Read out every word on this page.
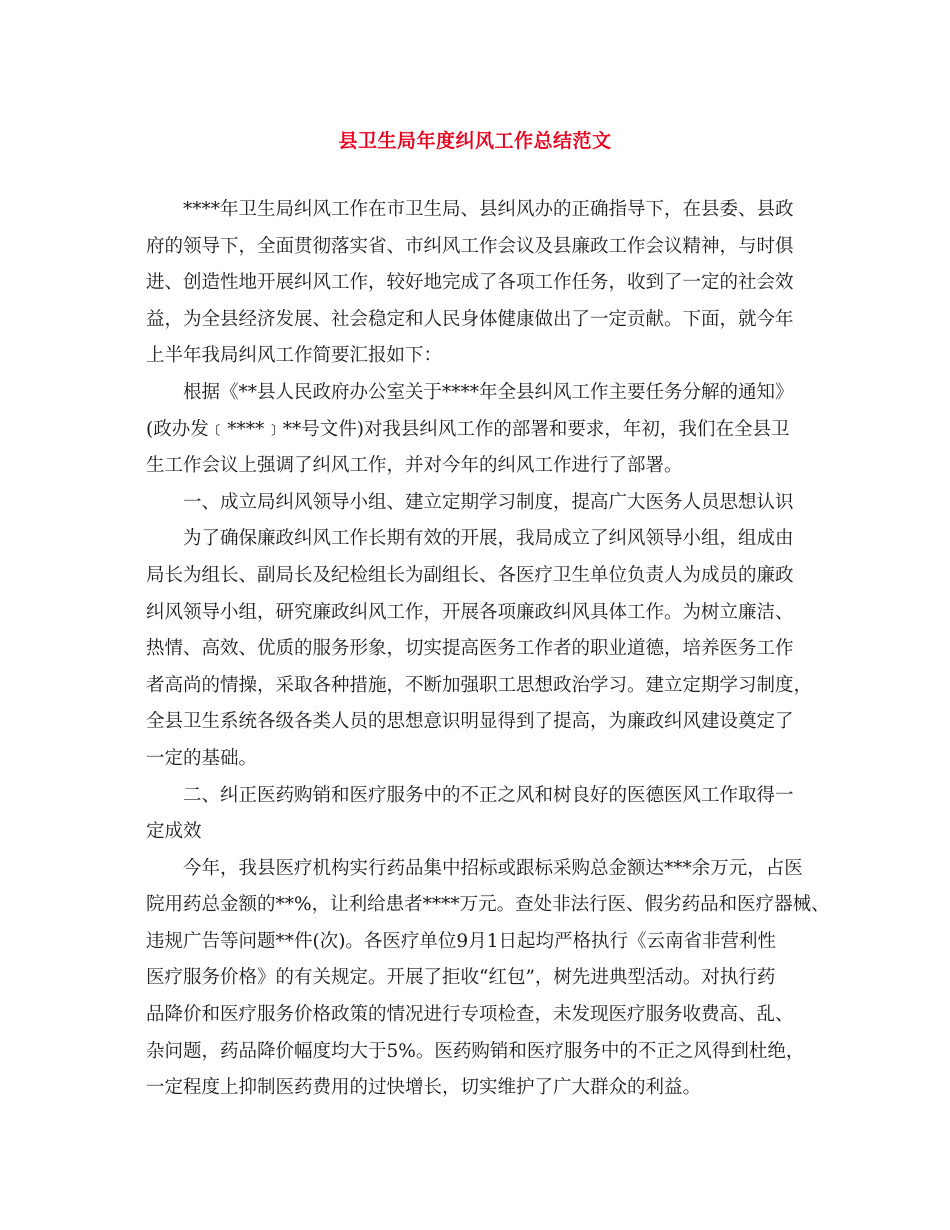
县卫生局年度纠风工作总结范文
****年卫生局纠风工作在市卫生局、县纠风办的正确指导下，在县委、县政
府的领导下，全面贯彻落实省、市纠风工作会议及县廉政工作会议精神，与时俱
进、创造性地开展纠风工作，较好地完成了各项工作任务，收到了一定的社会效
益，为全县经济发展、社会稳定和人民身体健康做出了一定贡献。下面，就今年
上半年我局纠风工作简要汇报如下：
根据《**县人民政府办公室关于****年全县纠风工作主要任务分解的通知》
(政办发﹝****﹞**号文件)对我县纠风工作的部署和要求，年初，我们在全县卫
生工作会议上强调了纠风工作，并对今年的纠风工作进行了部署。
一、成立局纠风领导小组、建立定期学习制度，提高广大医务人员思想认识
为了确保廉政纠风工作长期有效的开展，我局成立了纠风领导小组，组成由
局长为组长、副局长及纪检组长为副组长、各医疗卫生单位负责人为成员的廉政
纠风领导小组，研究廉政纠风工作，开展各项廉政纠风具体工作。为树立廉洁、
热情、高效、优质的服务形象，切实提高医务工作者的职业道德，培养医务工作
者高尚的情操，采取各种措施，不断加强职工思想政治学习。建立定期学习制度，
全县卫生系统各级各类人员的思想意识明显得到了提高，为廉政纠风建设奠定了
一定的基础。
二、纠正医药购销和医疗服务中的不正之风和树良好的医德医风工作取得一
定成效
今年，我县医疗机构实行药品集中招标或跟标采购总金额达***余万元，占医
院用药总金额的**%，让利给患者****万元。查处非法行医、假劣药品和医疗器械、
违规广告等问题**件(次)。各医疗单位9月1日起均严格执行《云南省非营利性
医疗服务价格》的有关规定。开展了拒收“红包”，树先进典型活动。对执行药
品降价和医疗服务价格政策的情况进行专项检查，未发现医疗服务收费高、乱、
杂问题，药品降价幅度均大于5%。医药购销和医疗服务中的不正之风得到杜绝，
一定程度上抑制医药费用的过快增长，切实维护了广大群众的利益。
